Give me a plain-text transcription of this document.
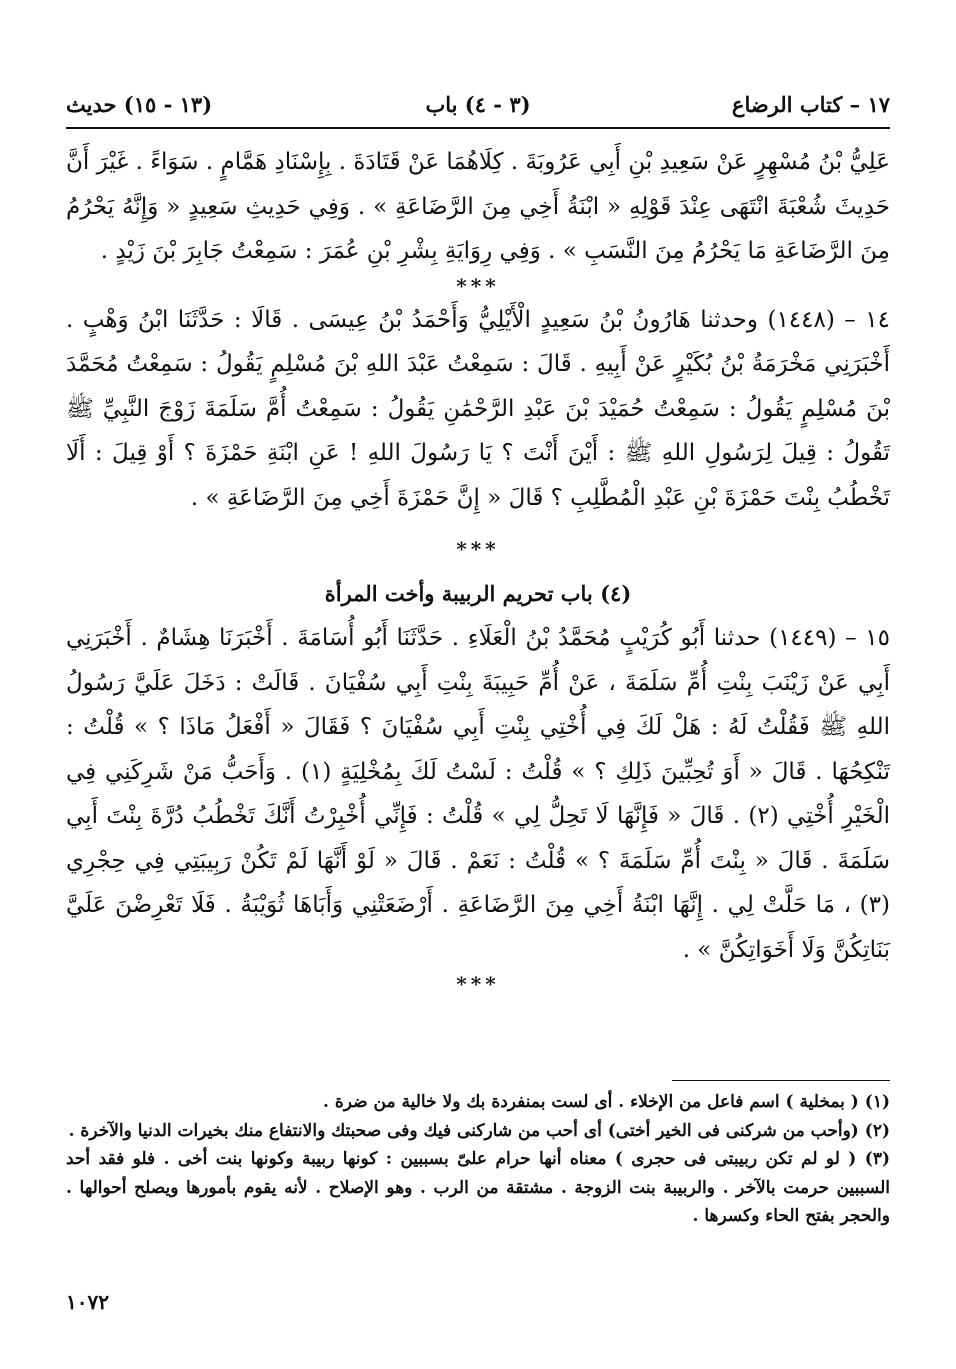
١٧ – كتاب الرضاع
(٣ - ٤) باب
(١٣ - ١٥) حديث

عَلِيُّ بْنُ مُسْهِرٍ عَنْ سَعِيدِ بْنِ أَبِي عَرُوبَةَ . كِلَاهُمَا عَنْ قَتَادَةَ . بِإِسْنَادِ هَمَّامٍ . سَوَاءً . غَيْرَ أَنَّ حَدِيثَ شُعْبَةَ انْتَهَى عِنْدَ قَوْلِهِ « ابْنَةُ أَخِي مِنَ الرَّضَاعَةِ » . وَفِي حَدِيثِ سَعِيدٍ « وَإِنَّهُ يَحْرُمُ مِنَ الرَّضَاعَةِ مَا يَحْرُمُ مِنَ النَّسَبِ » . وَفِي رِوَايَةِ بِشْرِ بْنِ عُمَرَ : سَمِعْتُ جَابِرَ بْنَ زَيْدٍ .

***

١٤ – (١٤٤٨) وحدثنا هَارُونُ بْنُ سَعِيدٍ الْأَيْلِيُّ وَأَحْمَدُ بْنُ عِيسَى . قَالَا : حَدَّثَنَا ابْنُ وَهْبٍ . أَخْبَرَنِي مَخْرَمَةُ بْنُ بُكَيْرٍ عَنْ أَبِيهِ . قَالَ : سَمِعْتُ عَبْدَ اللهِ بْنَ مُسْلِمٍ يَقُولُ : سَمِعْتُ مُحَمَّدَ بْنَ مُسْلِمٍ يَقُولُ : سَمِعْتُ حُمَيْدَ بْنَ عَبْدِ الرَّحْمَٰنِ يَقُولُ : سَمِعْتُ أُمَّ سَلَمَةَ زَوْجَ النَّبِيِّ ﷺ تَقُولُ : قِيلَ لِرَسُولِ اللهِ ﷺ : أَيْنَ أَنْتَ ؟ يَا رَسُولَ اللهِ ! عَنِ ابْنَةِ حَمْزَةَ ؟ أَوْ قِيلَ : أَلَا تَخْطُبُ بِنْتَ حَمْزَةَ بْنِ عَبْدِ الْمُطَّلِبِ ؟ قَالَ « إِنَّ حَمْزَةَ أَخِي مِنَ الرَّضَاعَةِ » .

***
(٤) باب تحريم الربيبة وأخت المرأة

١٥ – (١٤٤٩) حدثنا أَبُو كُرَيْبٍ مُحَمَّدُ بْنُ الْعَلَاءِ . حَدَّثَنَا أَبُو أُسَامَةَ . أَخْبَرَنَا هِشَامٌ . أَخْبَرَنِي أَبِي عَنْ زَيْنَبَ بِنْتِ أُمِّ سَلَمَةَ ، عَنْ أُمِّ حَبِيبَةَ بِنْتِ أَبِي سُفْيَانَ . قَالَتْ : دَخَلَ عَلَيَّ رَسُولُ اللهِ ﷺ فَقُلْتُ لَهُ : هَلْ لَكَ فِي أُخْتِي بِنْتِ أَبِي سُفْيَانَ ؟ فَقَالَ « أَفْعَلُ مَاذَا ؟ » قُلْتُ : تَنْكِحُهَا . قَالَ « أَوَ تُحِبِّينَ ذَلِكِ ؟ » قُلْتُ : لَسْتُ لَكَ بِمُخْلِيَةٍ (١) . وَأَحَبُّ مَنْ شَرِكَنِي فِي الْخَيْرِ أُخْتِي (٢) . قَالَ « فَإِنَّهَا لَا تَحِلُّ لِي » قُلْتُ : فَإِنِّي أُخْبِرْتُ أَنَّكَ تَخْطُبُ دُرَّةَ بِنْتَ أَبِي سَلَمَةَ . قَالَ « بِنْتَ أُمِّ سَلَمَةَ ؟ » قُلْتُ : نَعَمْ . قَالَ « لَوْ أَنَّهَا لَمْ تَكُنْ رَبِيبَتِي فِي حِجْرِي (٣) ، مَا حَلَّتْ لِي . إِنَّهَا ابْنَةُ أَخِي مِنَ الرَّضَاعَةِ . أَرْضَعَتْنِي وَأَبَاهَا ثُوَيْبَةُ . فَلَا تَعْرِضْنَ عَلَيَّ بَنَاتِكُنَّ وَلَا أَخَوَاتِكُنَّ » .

***

(١) ( بمخلية ) اسم فاعل من الإخلاء . أى لست بمنفردة بك ولا خالية من ضرة .

(٢) (وأحب من شركنى فى الخير أختى) أى أحب من شاركنى فيك وفى صحبتك والانتفاع منك بخيرات الدنيا والآخرة .

(٣) ( لو لم تكن ربيبتى فى حجرى ) معناه أنها حرام علىّ بسببين : كونها ربيبة وكونها بنت أخى . فلو فقد أحد السببين حرمت بالآخر . والربيبة بنت الزوجة . مشتقة من الرب . وهو الإصلاح . لأنه يقوم بأمورها ويصلح أحوالها . والحجر بفتح الحاء وكسرها .

١٠٧٢
